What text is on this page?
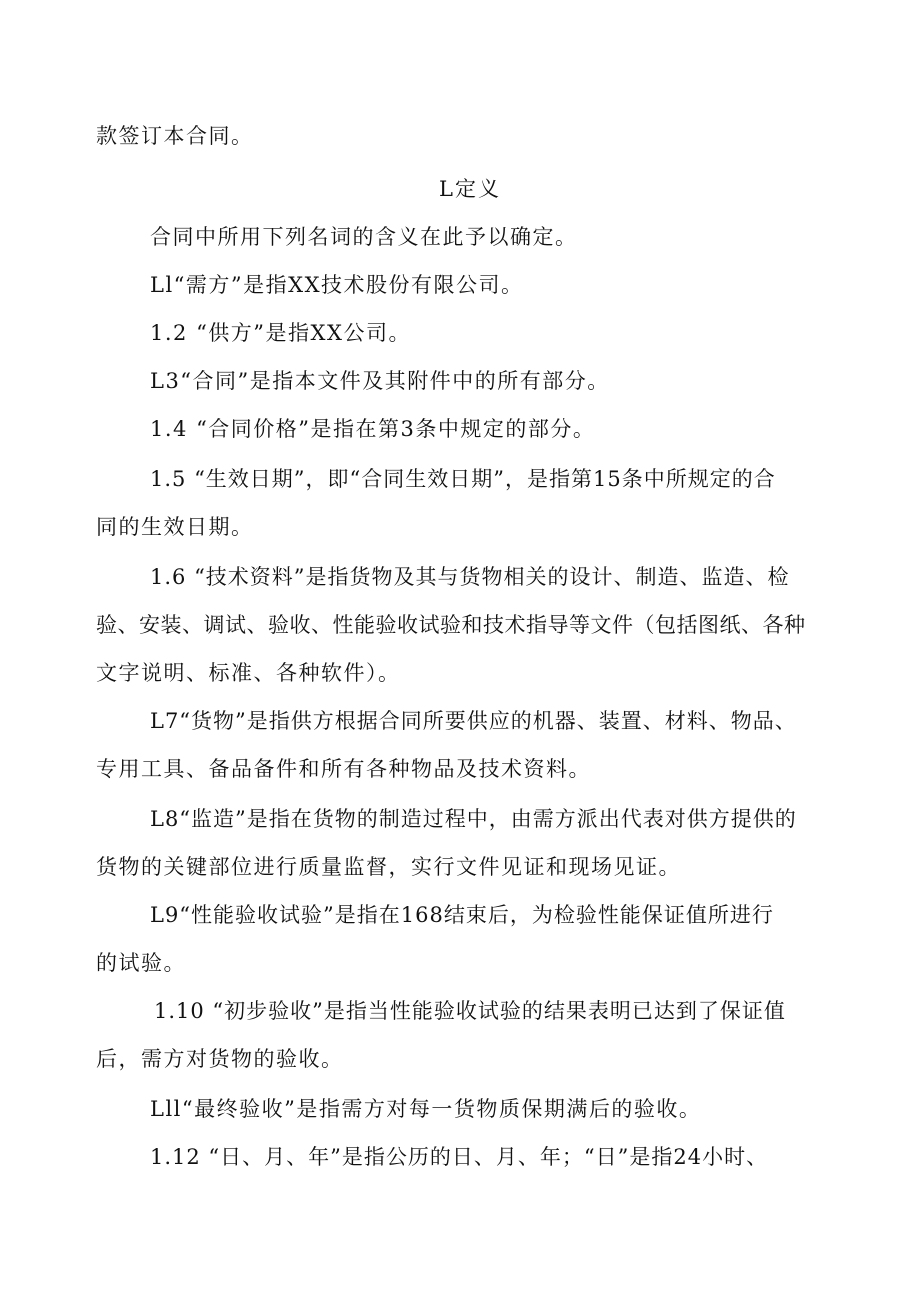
款签订本合同。
L定义
合同中所用下列名词的含义在此予以确定。
Ll“需方”是指XX技术股份有限公司。
1.2 “供方”是指XX公司。
L3“合同”是指本文件及其附件中的所有部分。
1.4 “合同价格”是指在第3条中规定的部分。
1.5 “生效日期”，即“合同生效日期”，是指第15条中所规定的合
同的生效日期。
1.6 “技术资料”是指货物及其与货物相关的设计、制造、监造、检
验、安装、调试、验收、性能验收试验和技术指导等文件（包括图纸、各种
文字说明、标准、各种软件）。
L7“货物”是指供方根据合同所要供应的机器、装置、材料、物品、
专用工具、备品备件和所有各种物品及技术资料。
L8“监造”是指在货物的制造过程中，由需方派出代表对供方提供的
货物的关键部位进行质量监督，实行文件见证和现场见证。
L9“性能验收试验”是指在168结束后，为检验性能保证值所进行
的试验。
1.10 “初步验收”是指当性能验收试验的结果表明已达到了保证值
后，需方对货物的验收。
Lll“最终验收”是指需方对每一货物质保期满后的验收。
1.12 “日、月、年”是指公历的日、月、年；“日”是指24小时、
